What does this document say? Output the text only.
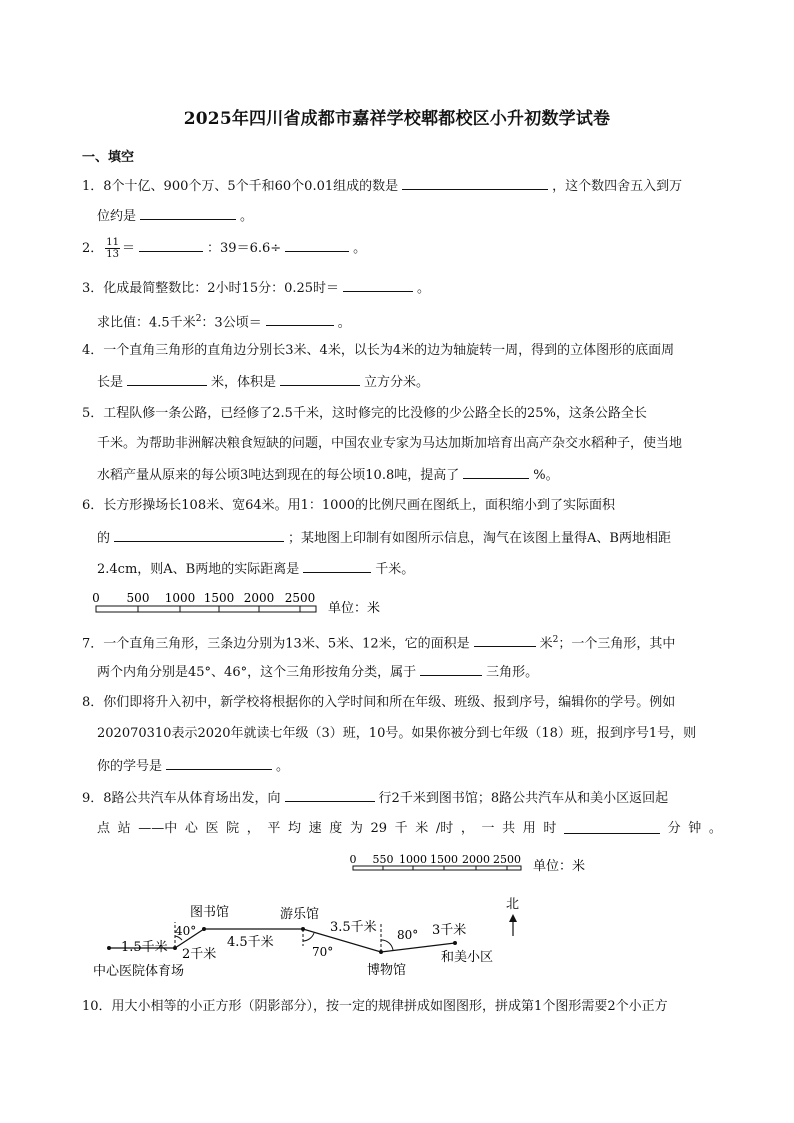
2025年四川省成都市嘉祥学校郫都校区小升初数学试卷
一、填空
1．8个十亿、900个万、5个千和60个0.01组成的数是	，这个数四舍五入到万
位约是	。
2． $\frac{11}{13}$ ＝	：39＝6.6÷	。
3．化成最简整数比：2小时15分：0.25时＝	。
求比值：4.5千米$^2$：3公顷＝	。
4．一个直角三角形的直角边分别长3米、4米，以长为4米的边为轴旋转一周，得到的立体图形的底面周
长是	米，体积是	立方分米。
5．工程队修一条公路，已经修了2.5千米，这时修完的比没修的少公路全长的25%，这条公路全长
千米。为帮助非洲解决粮食短缺的问题，中国农业专家为马达加斯加培育出高产杂交水稻种子，使当地
水稻产量从原来的每公顷3吨达到现在的每公顷10.8吨，提高了	%。
6．长方形操场长108米、宽64米。用1：1000的比例尺画在图纸上，面积缩小到了实际面积
的	；某地图上印制有如图所示信息，淘气在该图上量得A、B两地相距
2.4cm，则A、B两地的实际距离是	千米。
0 500 1000 1500 2000 2500
单位：米
7．一个直角三角形，三条边分别为13米、5米、12米，它的面积是	米$^2$；一个三角形，其中
两个内角分别是45°、46°，这个三角形按角分类，属于	三角形。
8．你们即将升入初中，新学校将根据你的入学时间和所在年级、班级、报到序号，编辑你的学号。例如
202070310表示2020年就读七年级（3）班，10号。如果你被分到七年级（18）班，报到序号1号，则
你的学号是	。
9．8路公共汽车从体育场出发，向	行2千米到图书馆；8路公共汽车从和美小区返回起
点 站 ——中 心 医 院 ， 平 均 速 度 为 29 千 米 /时 ， 一 共 用 时	分 钟 。
0 550 1000 1500 2000 2500 单位：米
中心医院 体育场
图书馆	游乐馆
博物馆
和美小区
1.5千米 2千米
4.5千米
3.5千米	3千米
40°
70°
80°
北
10．用大小相等的小正方形（阴影部分），按一定的规律拼成如图图形，拼成第1个图形需要2个小正方
